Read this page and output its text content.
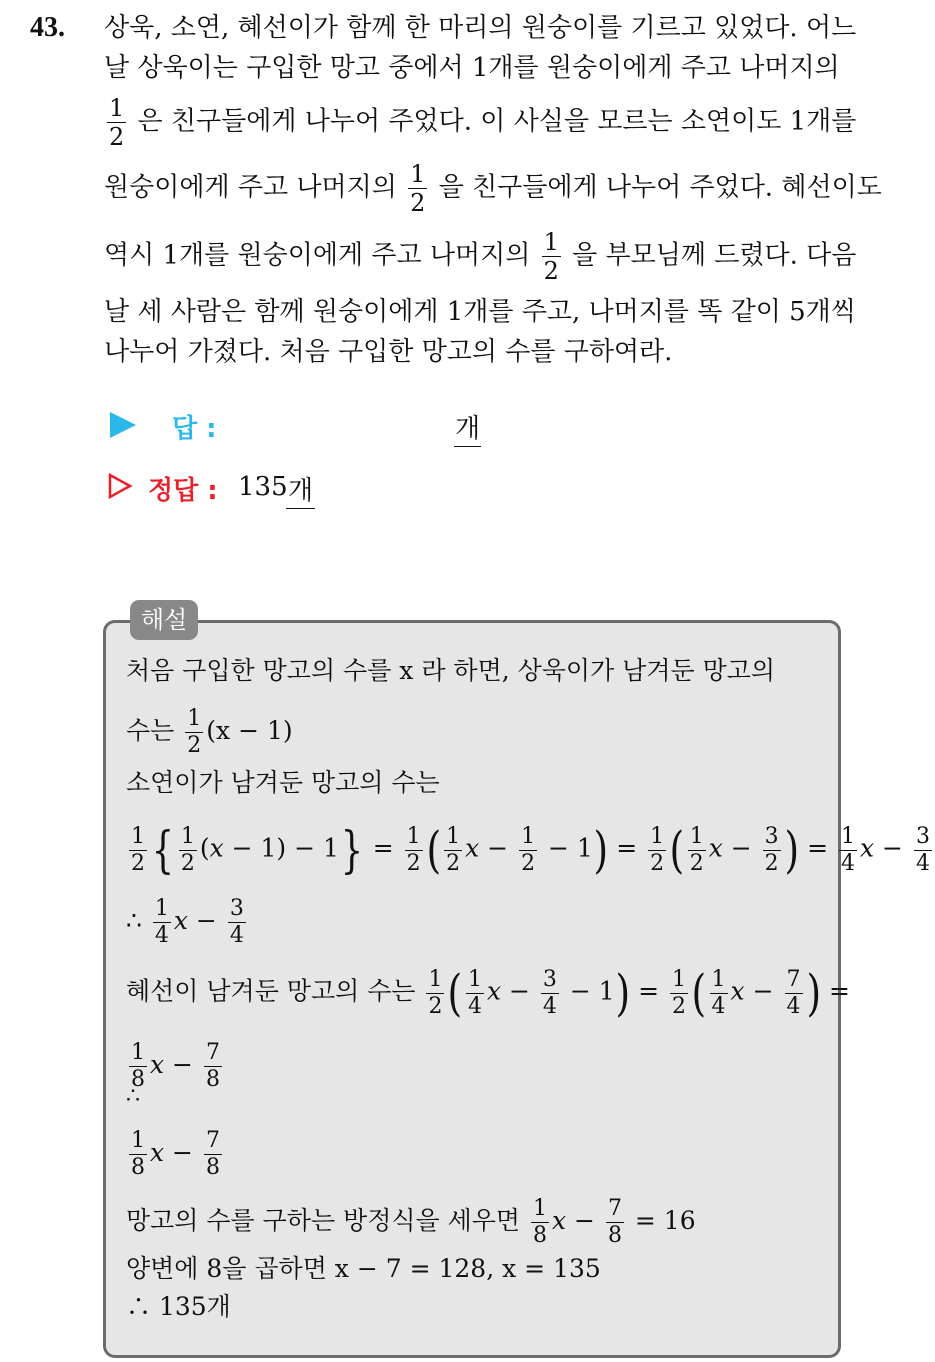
43. 상욱, 소연, 혜선이가 함께 한 마리의 원숭이를 기르고 있었다. 어느
날 상욱이는 구입한 망고 중에서 1개를 원숭이에게 주고 나머지의
$\frac{1}{2}$ 은 친구들에게 나누어 주었다. 이 사실을 모르는 소연이도 1개를
원숭이에게 주고 나머지의 $\frac{1}{2}$ 을 친구들에게 나누어 주었다. 혜선이도
역시 1개를 원숭이에게 주고 나머지의 $\frac{1}{2}$ 을 부모님께 드렸다. 다음
날 세 사람은 함께 원숭이에게 1개를 주고, 나머지를 똑 같이 5개씩
나누어 가졌다. 처음 구입한 망고의 수를 구하여라.
답 :	개
정답 : 135 개
해설
처음 구입한 망고의 수를 x 라 하면, 상욱이가 남겨둔 망고의
수는 $\frac{1}{2} (x - 1)$
소연이가 남겨둔 망고의 수는
$\frac{1}{2}$ { $\frac{1}{2} (x - 1) - 1\} = \frac{1}{2}$ ( $\frac{1}{2}$ $x - \frac{1}{2} - 1) = \frac{1}{2}$ ( $\frac{1}{2}$ $x - \frac{3}{2}$ ) = $\frac{1}{4}$ $x - \frac{3}{4}$
∴ $\frac{1}{4}$ $x - \frac{3}{4}$
혜선이 남겨둔 망고의 수는 $\frac{1}{2}$ ( $\frac{1}{4}$ $x - \frac{3}{4} - 1) = \frac{1}{2}$ ( $\frac{1}{4}$ $x - \frac{7}{4}$ ) =
$\frac{1}{8}$ $x - \frac{7}{8}$
∴
$\frac{1}{8}$ $x - \frac{7}{8}$
망고의 수를 구하는 방정식을 세우면 $\frac{1}{8}$ $x - \frac{7}{8} = 16$
양변에 8을 곱하면 x − 7 = 128, x = 135
∴ 135개
